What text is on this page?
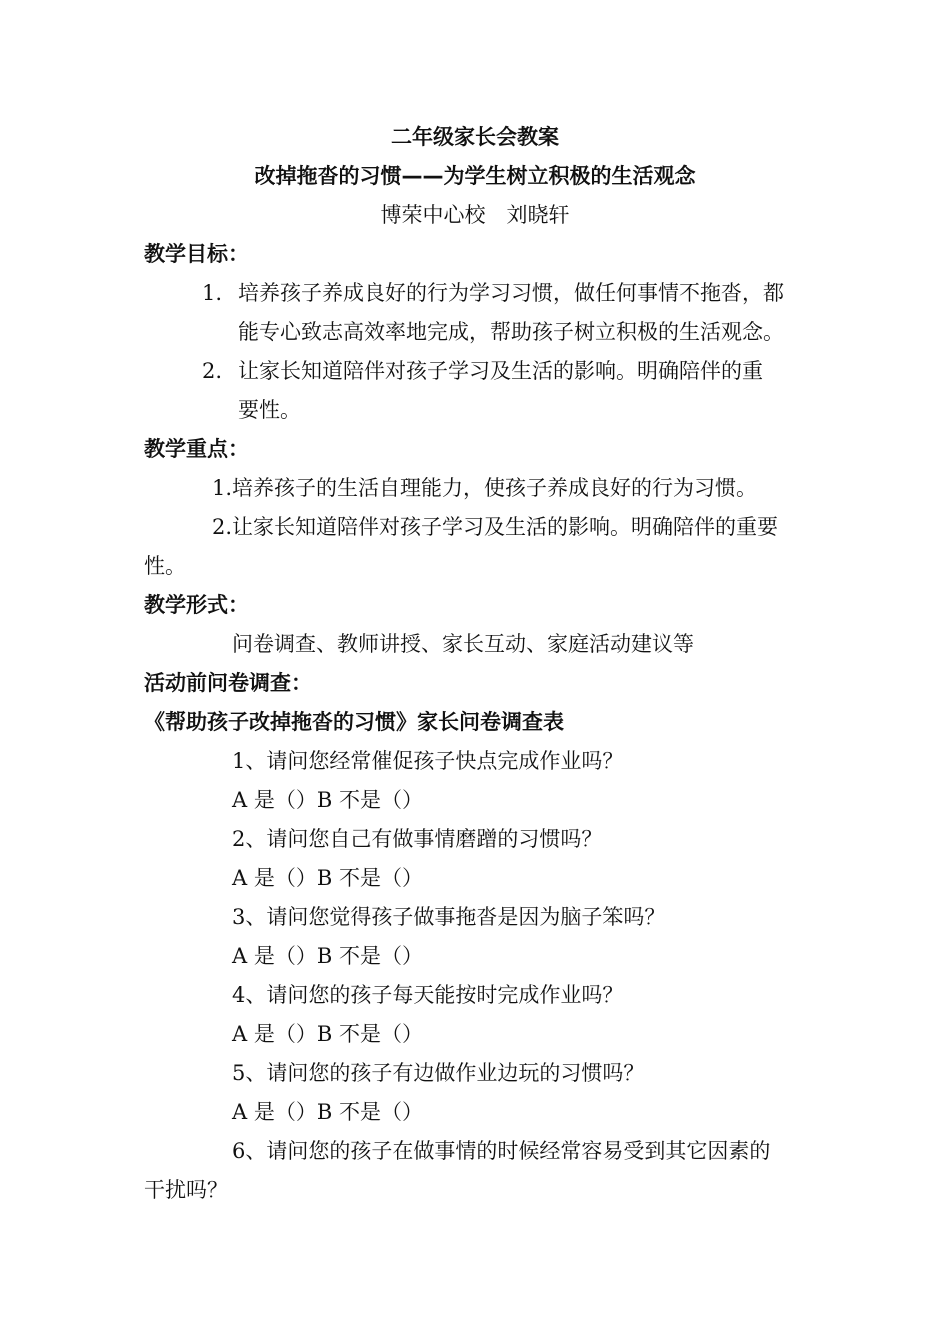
二年级家长会教案
改掉拖沓的习惯——为学生树立积极的生活观念
博荣中心校　刘晓轩
教学目标：
1. 培养孩子养成良好的行为学习习惯，做任何事情不拖沓，都
能专心致志高效率地完成，帮助孩子树立积极的生活观念。
2. 让家长知道陪伴对孩子学习及生活的影响。明确陪伴的重
要性。
教学重点：
1.培养孩子的生活自理能力，使孩子养成良好的行为习惯。
2.让家长知道陪伴对孩子学习及生活的影响。明确陪伴的重要
性。
教学形式：
问卷调查、教师讲授、家长互动、家庭活动建议等
活动前问卷调查：
《帮助孩子改掉拖沓的习惯》家长问卷调查表
1、请问您经常催促孩子快点完成作业吗？
A 是（）B 不是（）
2、请问您自己有做事情磨蹭的习惯吗？
A 是（）B 不是（）
3、请问您觉得孩子做事拖沓是因为脑子笨吗？
A 是（）B 不是（）
4、请问您的孩子每天能按时完成作业吗？
A 是（）B 不是（）
5、请问您的孩子有边做作业边玩的习惯吗？
A 是（）B 不是（）
6、请问您的孩子在做事情的时候经常容易受到其它因素的
干扰吗？
